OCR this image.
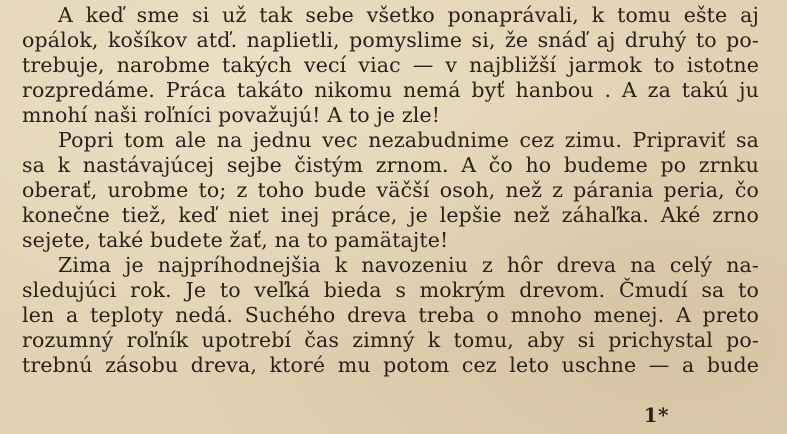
A keď sme si už tak sebe všetko ponaprávali, k tomu ešte aj
opálok, košíkov atď. naplietli, pomyslime si, že snáď aj druhý to po-
trebuje, narobme takých vecí viac — v najbližší jarmok to istotne
rozpredáme. Práca takáto nikomu nemá byť hanbou . A za takú ju
mnohí naši roľníci považujú! A to je zle!

Popri tom ale na jednu vec nezabudnime cez zimu. Pripraviť sa
sa k nastávajúcej sejbe čistým zrnom. A čo ho budeme po zrnku
oberať, urobme to; z toho bude väčší osoh, než z párania peria, čo
konečne tiež, keď niet inej práce, je lepšie než záhaľka. Aké zrno
sejete, také budete žať, na to pamätajte!

Zima je najpríhodnejšia k navozeniu z hôr dreva na celý na-
sledujúci rok. Je to veľká bieda s mokrým drevom. Čmudí sa to
len a teploty nedá. Suchého dreva treba o mnoho menej. A preto
rozumný roľník upotrebí čas zimný k tomu, aby si prichystal po-
trebnú zásobu dreva, ktoré mu potom cez leto uschne — a bude

1*
